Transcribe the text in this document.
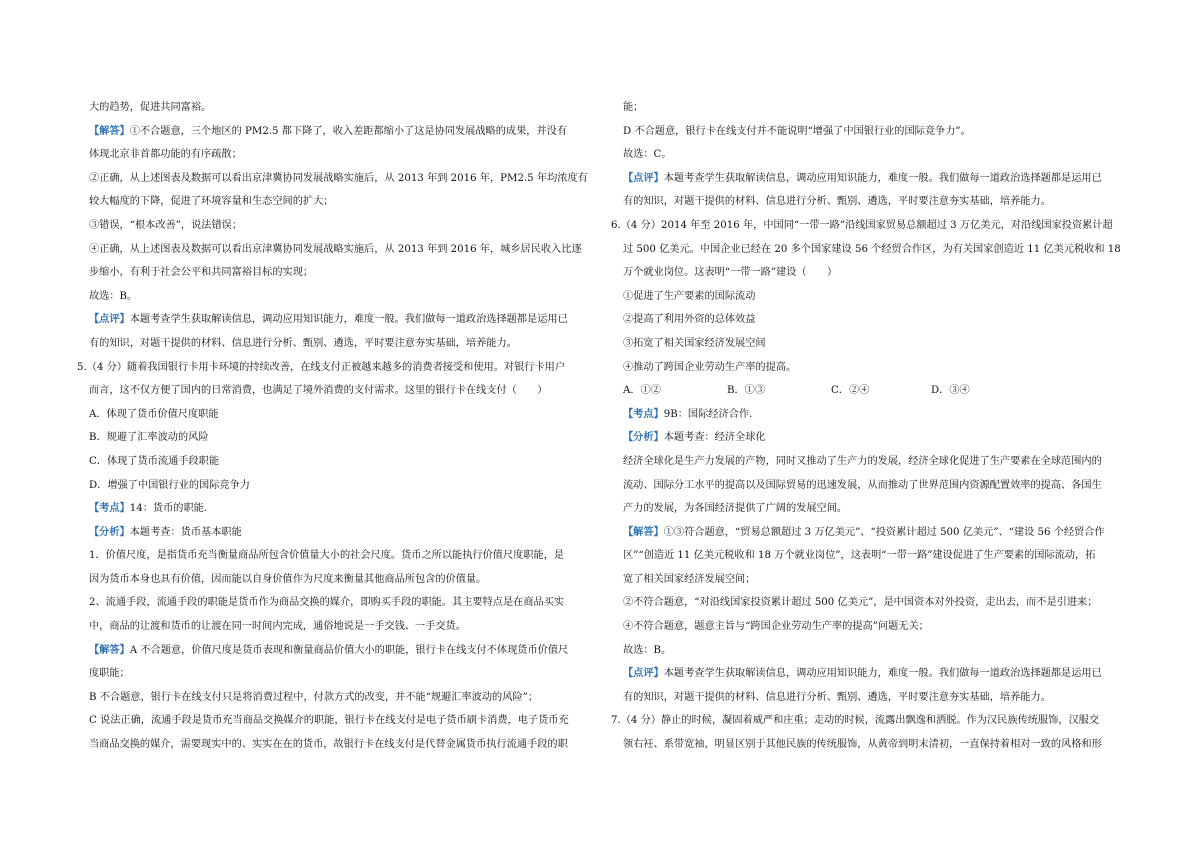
大的趋势，促进共同富裕。
【解答】①不合题意，三个地区的 PM2.5 都下降了，收入差距都缩小了这是协同发展战略的成果，并没有
体现北京非首都功能的有序疏散；
②正确，从上述图表及数据可以看出京津冀协同发展战略实施后，从 2013 年到 2016 年，PM2.5 年均浓度有
较大幅度的下降，促进了环境容量和生态空间的扩大；
③错误，“根本改善”，说法错误；
④正确，从上述图表及数据可以看出京津冀协同发展战略实施后，从 2013 年到 2016 年，城乡居民收入比逐
步缩小，有利于社会公平和共同富裕目标的实现；
故选：B。
【点评】本题考查学生获取解读信息，调动应用知识能力，难度一般。我们做每一道政治选择题都是运用已
有的知识，对题干提供的材料、信息进行分析、甄别、遴选，平时要注意夯实基础，培养能力。
5.（4 分）随着我国银行卡用卡环境的持续改善，在线支付正被越来越多的消费者接受和使用。对银行卡用户
而言，这不仅方便了国内的日常消费，也满足了境外消费的支付需求。这里的银行卡在线支付（　　）
A．体现了货币价值尺度职能
B．规避了汇率波动的风险
C．体现了货币流通手段职能
D．增强了中国银行业的国际竞争力
【考点】14：货币的职能.
【分析】本题考查：货币基本职能
1．价值尺度，是指货币充当衡量商品所包含价值量大小的社会尺度。货币之所以能执行价值尺度职能，是
因为货币本身也具有价值，因而能以自身价值作为尺度来衡量其他商品所包含的价值量。
2、流通手段，流通手段的职能是货币作为商品交换的媒介，即购买手段的职能。其主要特点是在商品买实
中，商品的让渡和货币的让渡在同一时间内完成，通俗地说是一手交钱、一手交货。
【解答】A 不合题意，价值尺度是货币表现和衡量商品价值大小的职能，银行卡在线支付不体现货币价值尺
度职能；
B 不合题意，银行卡在线支付只是将消费过程中，付款方式的改变，并不能“规避汇率波动的风险”；
C 说法正确，流通手段是货币充当商品交换媒介的职能，银行卡在线支付是电子货币刷卡消费，电子货币充
当商品交换的媒介，需要现实中的、实实在在的货币，故银行卡在线支付是代替金属货币执行流通手段的职
能；
D 不合题意，银行卡在线支付并不能说明“增强了中国银行业的国际竞争力”。
故选：C。
【点评】本题考查学生获取解读信息，调动应用知识能力，难度一般。我们做每一道政治选择题都是运用已
有的知识，对题干提供的材料、信息进行分析、甄别、遴选，平时要注意夯实基础，培养能力。
6.（4 分）2014 年至 2016 年，中国同“一带一路”沿线国家贸易总额超过 3 万亿美元，对沿线国家投资累计超
过 500 亿美元。中国企业已经在 20 多个国家建设 56 个经贸合作区，为有关国家创造近 11 亿美元税收和 18
万个就业岗位。这表明“一带一路”建设（　　）
①促进了生产要素的国际流动
②提高了利用外资的总体效益
③拓宽了相关国家经济发展空间
④推动了跨国企业劳动生产率的提高。
A．①②	B．①③	C．②④	D．③④
【考点】9B：国际经济合作.
【分析】本题考查：经济全球化
经济全球化是生产力发展的产物，同时又推动了生产力的发展，经济全球化促进了生产要素在全球范围内的
流动、国际分工水平的提高以及国际贸易的迅速发展，从而推动了世界范围内资源配置效率的提高、各国生
产力的发展，为各国经济提供了广阔的发展空间。
【解答】①③符合题意，“贸易总额超过 3 万亿美元”、“投资累计超过 500 亿美元”、“建设 56 个经贸合作
区”“创造近 11 亿美元税收和 18 万个就业岗位”，这表明“一带一路”建设促进了生产要素的国际流动，拓
宽了相关国家经济发展空间；
②不符合题意，“对沿线国家投资累计超过 500 亿美元”，是中国资本对外投资，走出去，而不是引进来；
④不符合题意，题意主旨与“跨国企业劳动生产率的提高”问题无关；
故选：B。
【点评】本题考查学生获取解读信息，调动应用知识能力，难度一般。我们做每一道政治选择题都是运用已
有的知识，对题干提供的材料、信息进行分析、甄别、遴选，平时要注意夯实基础，培养能力。
7.（4 分）静止的时候，凝固着威严和庄重；走动的时候，流露出飘逸和洒脱。作为汉民族传统服饰，汉服交
领右衽、系带宽袖，明显区别于其他民族的传统服饰，从黄帝到明末清初，一直保持着相对一致的风格和形
